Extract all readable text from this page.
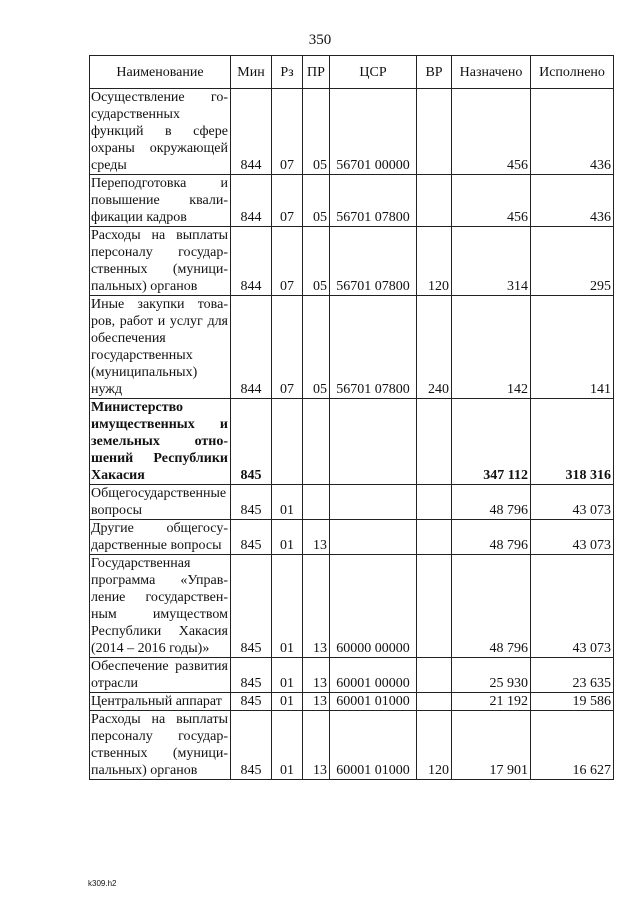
350
Наименование	Мин	Рз	ПР	ЦСР	ВР	Назначено	Исполнено
Осуществление государственных функций в сфере охраны окружающей среды	844	07	05	56701 00000		456	436
Переподготовка и повышение квалификации кадров	844	07	05	56701 07800		456	436
Расходы на выплаты персоналу государственных (муниципальных) органов	844	07	05	56701 07800	120	314	295
Иные закупки товаров, работ и услуг для обеспечения государственных (муниципальных) нужд	844	07	05	56701 07800	240	142	141
Министерство имущественных и земельных отношений Республики Хакасия	845					347 112	318 316
Общегосударственные вопросы	845	01				48 796	43 073
Другие общегосударственные вопросы	845	01	13			48 796	43 073
Государственная программа «Управление государственным имуществом Республики Хакасия (2014 – 2016 годы)»	845	01	13	60000 00000		48 796	43 073
Обеспечение развития отрасли	845	01	13	60001 00000		25 930	23 635
Центральный аппарат	845	01	13	60001 01000		21 192	19 586
Расходы на выплаты персоналу государственных (муниципальных) органов	845	01	13	60001 01000	120	17 901	16 627
k309.h2
